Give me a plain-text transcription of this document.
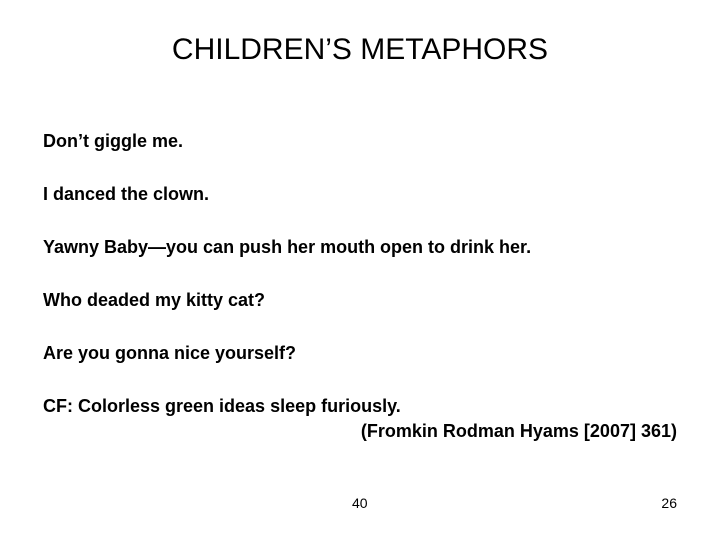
CHILDREN’S METAPHORS

Don’t giggle me.

I danced the clown.

Yawny Baby—you can push her mouth open to drink her.

Who deaded my kitty cat?

Are you gonna nice yourself?

CF: Colorless green ideas sleep furiously.

(Fromkin Rodman Hyams [2007] 361)

40	26
